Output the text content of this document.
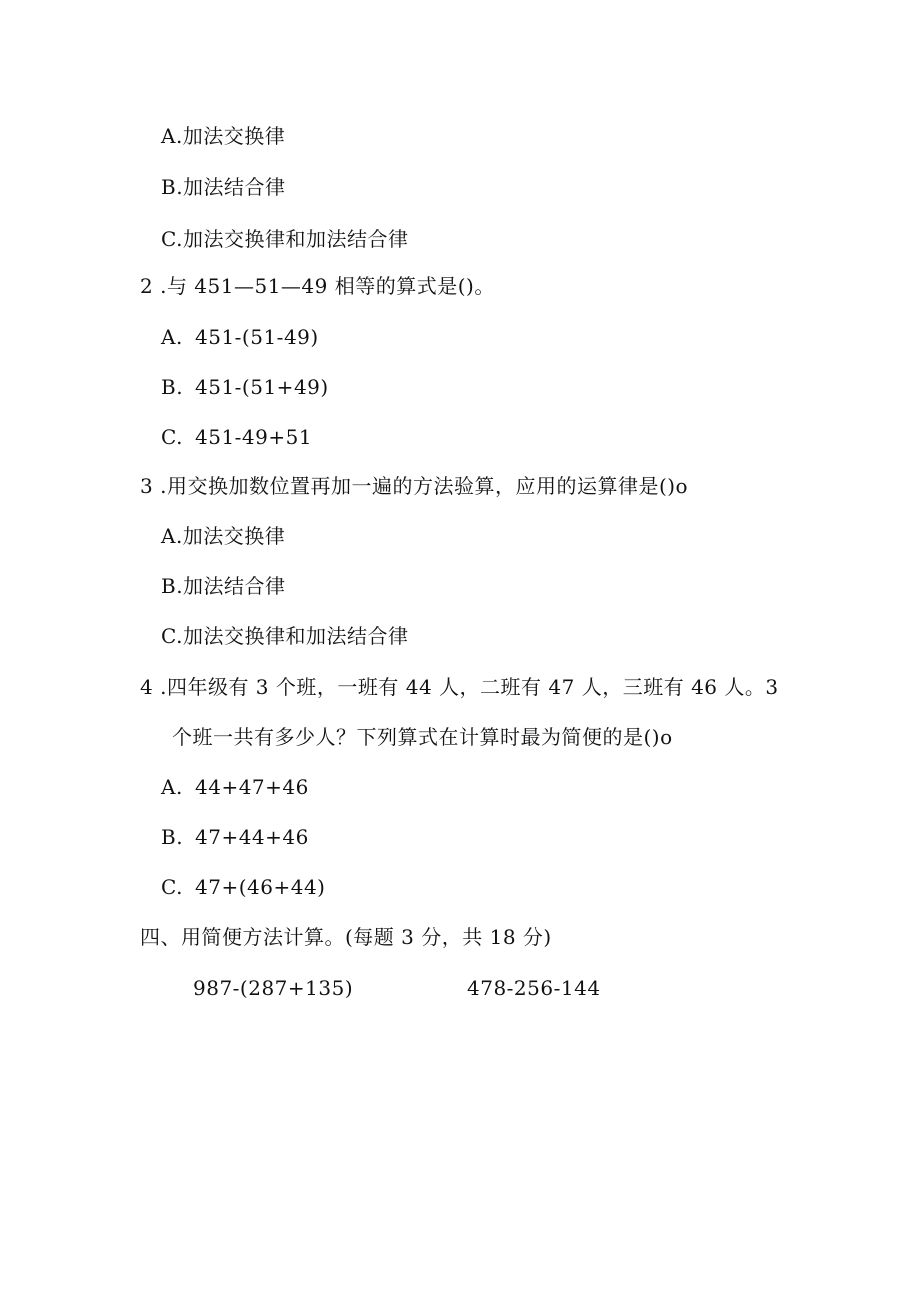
A.加法交换律
B.加法结合律
C.加法交换律和加法结合律
2 .与 451—51—49 相等的算式是()。
A. 451-(51-49)
B. 451-(51+49)
C. 451-49+51
3 .用交换加数位置再加一遍的方法验算，应用的运算律是()o
A.加法交换律
B.加法结合律
C.加法交换律和加法结合律
4 .四年级有 3 个班，一班有 44 人，二班有 47 人，三班有 46 人。3
个班一共有多少人？下列算式在计算时最为简便的是()o
A. 44+47+46
B. 47+44+46
C. 47+(46+44)
四、用简便方法计算。(每题 3 分，共 18 分)
987-(287+135)	478-256-144
